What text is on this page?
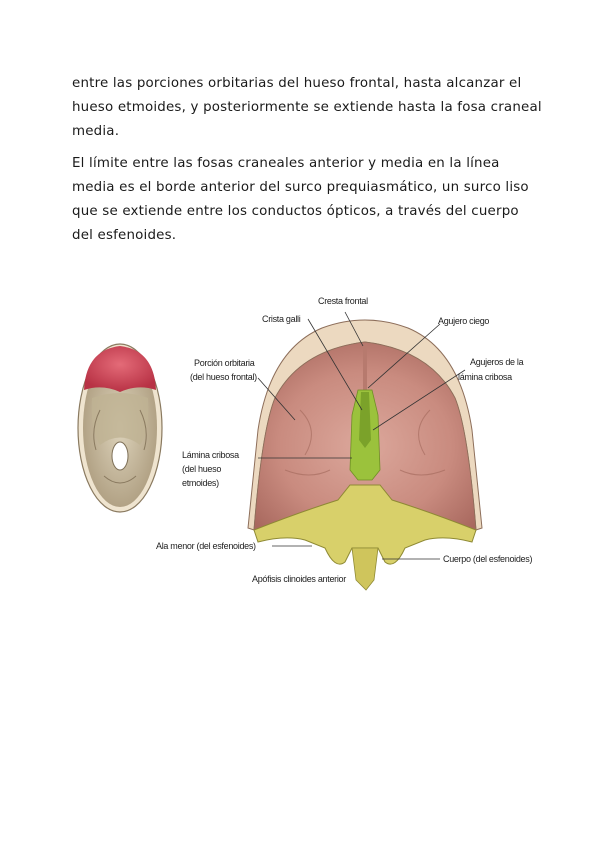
entre las porciones orbitarias del hueso frontal, hasta alcanzar el hueso etmoides, y posteriormente se extiende hasta la fosa craneal media.

El límite entre las fosas craneales anterior y media en la línea media es el borde anterior del surco prequiasmático, un surco liso que se extiende entre los conductos ópticos, a través del cuerpo del esfenoides.

Cresta frontal
Crista galli	Agujero ciego
Agujeros de la
lámina cribosa
Porción orbitaria
(del hueso frontal)
Lámina cribosa
(del hueso
etmoides)
Ala menor (del esfenoides)
Cuerpo (del esfenoides)
Apófisis clinoides anterior
